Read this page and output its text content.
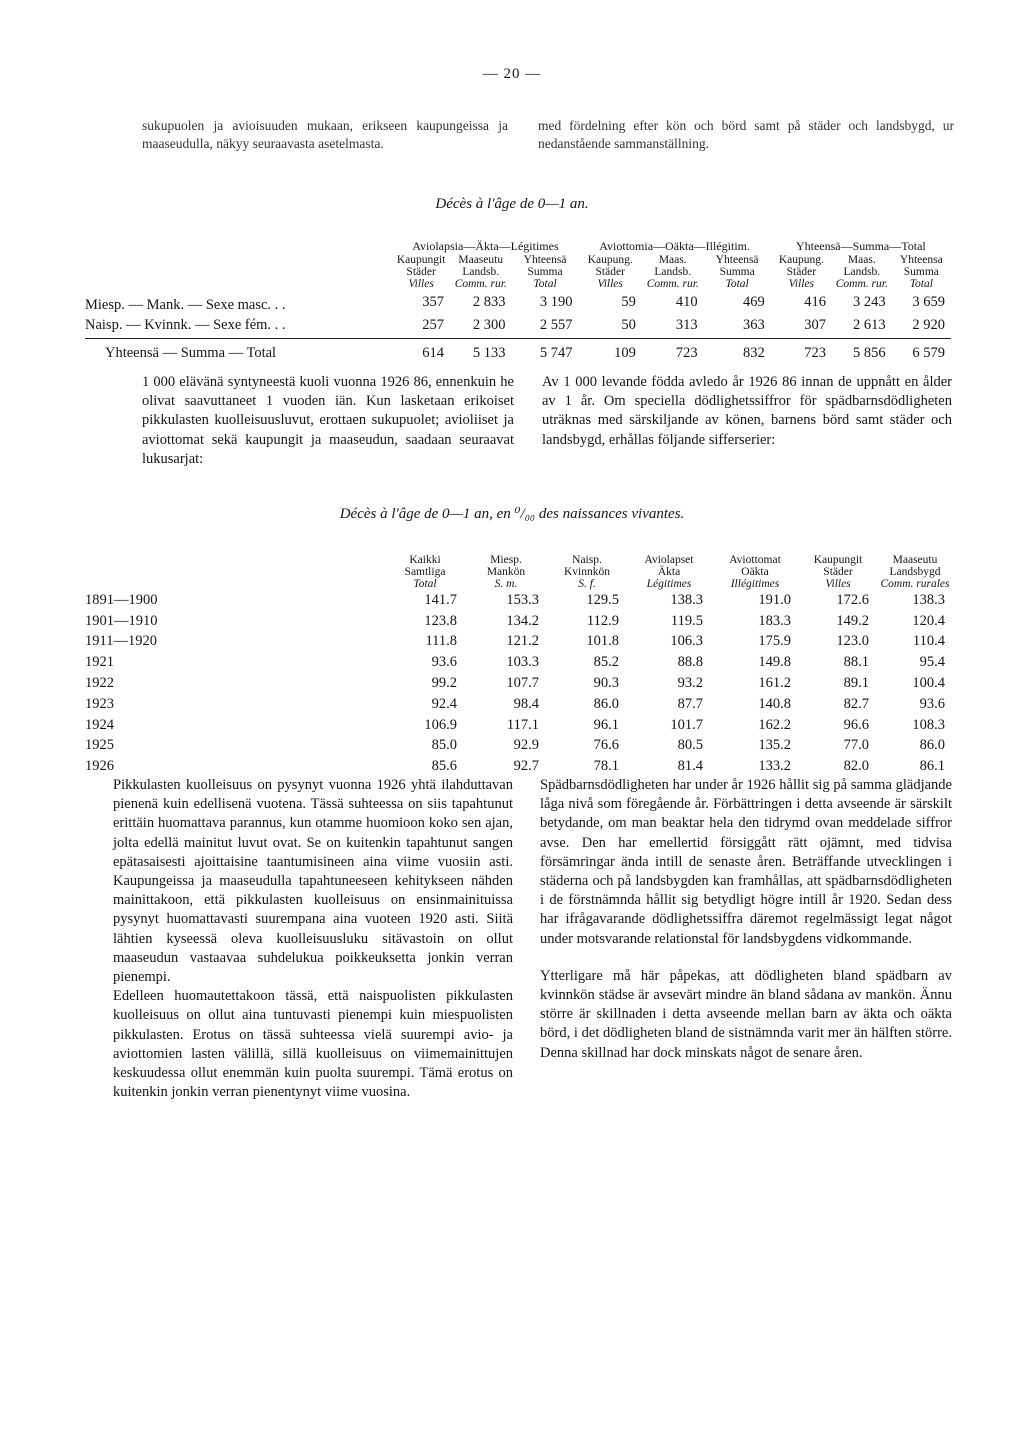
— 20 —

sukupuolen ja avioisuuden mukaan, erikseen kaupungeissa ja maaseudulla, näkyy seuraavasta asetelmasta.

med fördelning efter kön och börd samt på städer och landsbygd, ur nedanstående sammanställning.

Décès à l'âge de 0—1 an.
	Aviolapsia—Äkta—Légitimes			Aviottomia—Oäkta—Illégitim.			Yhteensä—Summa—Total		
	Kaupungit
Städer
Villes	Maaseutu
Landsb.
Comm. rur.	Yhteensä
Summa
Total	Kaupung.
Städer
Villes	Maas.
Landsb.
Comm. rur.	Yhteensä
Summa
Total	Kaupung.
Städer
Villes	Maas.
Landsb.
Comm. rur.	Yhteensa
Summa
Total
Miesp. — Mank. — Sexe masc. . .	357	2 833	3 190	59	410	469	416	3 243	3 659
Naisp. — Kvinnk. — Sexe fém. . .	257	2 300	2 557	50	313	363	307	2 613	2 920
Yhteensä — Summa — Total	614	5 133	5 747	109	723	832	723	5 856	6 579

1 000 elävänä syntyneestä kuoli vuonna 1926 86, ennenkuin he olivat saavuttaneet 1 vuoden iän. Kun lasketaan erikoiset pikkulasten kuolleisuusluvut, erottaen sukupuolet; avioliiset ja aviottomat sekä kaupungit ja maaseudun, saadaan seuraavat lukusarjat:

Av 1 000 levande födda avledo år 1926 86 innan de uppnått en ålder av 1 år. Om speciella dödlighetssiffror för spädbarnsdödligheten uträknas med särskiljande av könen, barnens börd samt städer och landsbygd, erhållas följande sifferserier:

Décès à l'âge de 0—1 an, en ⁰/₀₀ des naissances vivantes.
	Kaikki
Samtliga
Total	Miesp.
Mankön
S. m.	Naisp.
Kvinnkön
S. f.	Aviolapset
Äkta
Légitimes	Aviottomat
Oäkta
Illégitimes	Kaupungit
Städer
Villes	Maaseutu
Landsbygd
Comm. rurales
1891—1900	141.7	153.3	129.5	138.3	191.0	172.6	138.3
1901—1910	123.8	134.2	112.9	119.5	183.3	149.2	120.4
1911—1920	111.8	121.2	101.8	106.3	175.9	123.0	110.4
1921	93.6	103.3	85.2	88.8	149.8	88.1	95.4
1922	99.2	107.7	90.3	93.2	161.2	89.1	100.4
1923	92.4	98.4	86.0	87.7	140.8	82.7	93.6
1924	106.9	117.1	96.1	101.7	162.2	96.6	108.3
1925	85.0	92.9	76.6	80.5	135.2	77.0	86.0
1926	85.6	92.7	78.1	81.4	133.2	82.0	86.1

Pikkulasten kuolleisuus on pysynyt vuonna 1926 yhtä ilahduttavan pienenä kuin edellisenä vuotena. Tässä suhteessa on siis tapahtunut erittäin huomattava parannus, kun otamme huomioon koko sen ajan, jolta edellä mainitut luvut ovat. Se on kuitenkin tapahtunut sangen epätasaisesti ajoittaisine taantumisineen aina viime vuosiin asti. Kaupungeissa ja maaseudulla tapahtuneeseen kehitykseen nähden mainittakoon, että pikkulasten kuolleisuus on ensinmainituissa pysynyt huomattavasti suurempana aina vuoteen 1920 asti. Siitä lähtien kyseessä oleva kuolleisuusluku sitävastoin on ollut maaseudun vastaavaa suhdelukua poikkeuksetta jonkin verran pienempi.

Edelleen huomautettakoon tässä, että naispuolisten pikkulasten kuolleisuus on ollut aina tuntuvasti pienempi kuin miespuolisten pikkulasten. Erotus on tässä suhteessa vielä suurempi avio- ja aviottomien lasten välillä, sillä kuolleisuus on viimemainittujen keskuudessa ollut enemmän kuin puolta suurempi. Tämä erotus on kuitenkin jonkin verran pienentynyt viime vuosina.

Spädbarnsdödligheten har under år 1926 hållit sig på samma glädjande låga nivå som föregående år. Förbättringen i detta avseende är särskilt betydande, om man beaktar hela den tidrymd ovan meddelade siffror avse. Den har emellertid försiggått rätt ojämnt, med tidvisa försämringar ända intill de senaste åren. Beträffande utvecklingen i städerna och på landsbygden kan framhållas, att spädbarnsdödligheten i de förstnämnda hållit sig betydligt högre intill år 1920. Sedan dess har ifrågavarande dödlighetssiffra däremot regelmässigt legat något under motsvarande relationstal för landsbygdens vidkommande.

Ytterligare må här påpekas, att dödligheten bland spädbarn av kvinnkön städse är avsevärt mindre än bland sådana av mankön. Ännu större är skillnaden i detta avseende mellan barn av äkta och oäkta börd, i det dödligheten bland de sistnämnda varit mer än hälften större. Denna skillnad har dock minskats något de senare åren.
